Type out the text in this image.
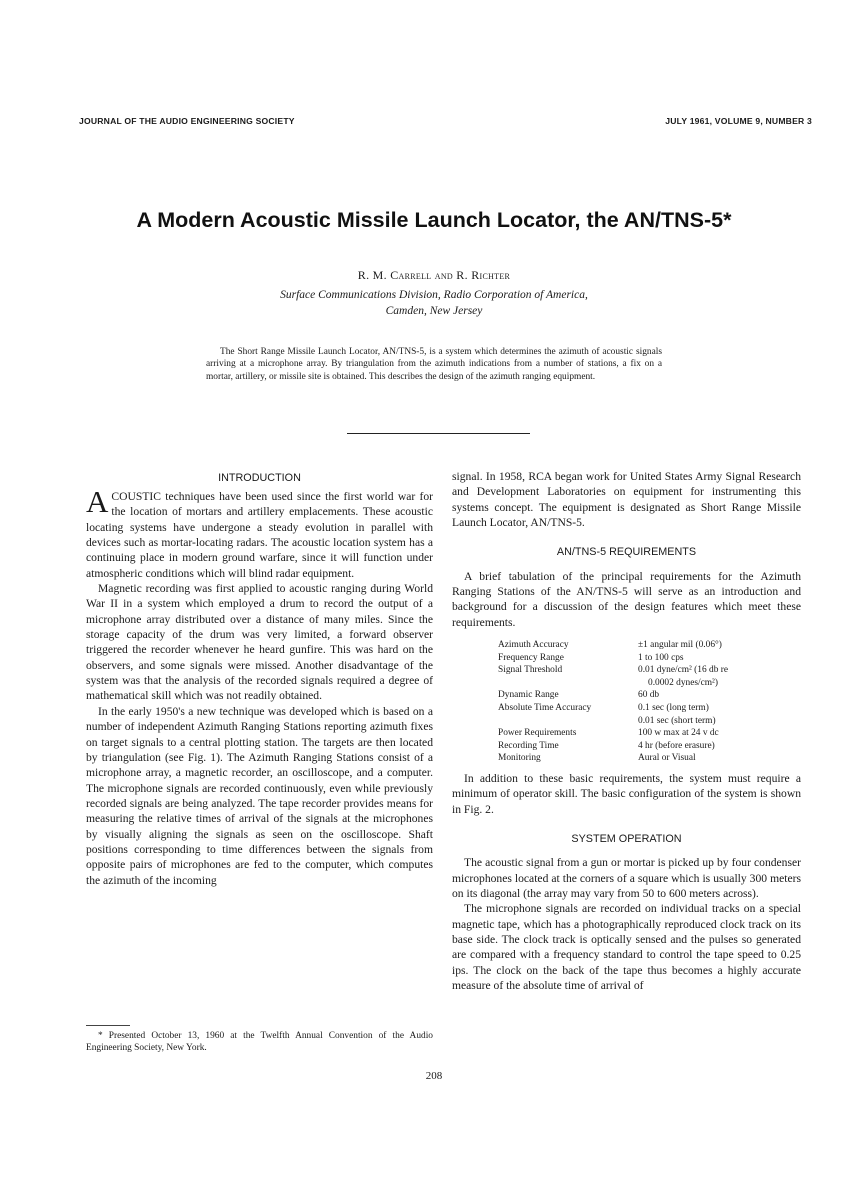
JOURNAL OF THE AUDIO ENGINEERING SOCIETY	JULY 1961, VOLUME 9, NUMBER 3
A Modern Acoustic Missile Launch Locator, the AN/TNS-5*
R. M. Carrell and R. Richter
Surface Communications Division, Radio Corporation of America,
Camden, New Jersey
The Short Range Missile Launch Locator, AN/TNS-5, is a system which determines the azimuth of acoustic signals arriving at a microphone array. By triangulation from the azimuth indications from a number of stations, a fix on a mortar, artillery, or missile site is obtained. This describes the design of the azimuth ranging equipment.
INTRODUCTION

ACOUSTIC techniques have been used since the first world war for the location of mortars and artillery emplacements. These acoustic locating systems have undergone a steady evolution in parallel with devices such as mortar-locating radars. The acoustic location system has a continuing place in modern ground warfare, since it will function under atmospheric conditions which will blind radar equipment.

Magnetic recording was first applied to acoustic ranging during World War II in a system which employed a drum to record the output of a microphone array distributed over a distance of many miles. Since the storage capacity of the drum was very limited, a forward observer triggered the recorder whenever he heard gunfire. This was hard on the observers, and some signals were missed. Another disadvantage of the system was that the analysis of the recorded signals required a degree of mathematical skill which was not readily obtained.

In the early 1950's a new technique was developed which is based on a number of independent Azimuth Ranging Stations reporting azimuth fixes on target signals to a central plotting station. The targets are then located by triangulation (see Fig. 1). The Azimuth Ranging Stations consist of a microphone array, a magnetic recorder, an oscilloscope, and a computer. The microphone signals are recorded continuously, even while previously recorded signals are being analyzed. The tape recorder provides means for measuring the relative times of arrival of the signals at the microphones by visually aligning the signals as seen on the oscilloscope. Shaft positions corresponding to time differences between the signals from opposite pairs of microphones are fed to the computer, which computes the azimuth of the incoming

signal. In 1958, RCA began work for United States Army Signal Research and Development Laboratories on equipment for instrumenting this systems concept. The equipment is designated as Short Range Missile Launch Locator, AN/TNS-5.

AN/TNS-5 REQUIREMENTS

A brief tabulation of the principal requirements for the Azimuth Ranging Stations of the AN/TNS-5 will serve as an introduction and background for a discussion of the design features which meet these requirements.

Azimuth Accuracy	±1 angular mil (0.06°)
Frequency Range	1 to 100 cps
Signal Threshold	0.01 dyne/cm² (16 db re
0.0002 dynes/cm²)

Dynamic Range	60 db
Absolute Time Accuracy	0.1 sec (long term)
0.01 sec (short term)

Power Requirements	100 w max at 24 v dc
Recording Time	4 hr (before erasure)
Monitoring	Aural or Visual

In addition to these basic requirements, the system must require a minimum of operator skill. The basic configuration of the system is shown in Fig. 2.

SYSTEM OPERATION

The acoustic signal from a gun or mortar is picked up by four condenser microphones located at the corners of a square which is usually 300 meters on its diagonal (the array may vary from 50 to 600 meters across).

The microphone signals are recorded on individual tracks on a special magnetic tape, which has a photographically reproduced clock track on its base side. The clock track is optically sensed and the pulses so generated are compared with a frequency standard to control the tape speed to 0.25 ips. The clock on the back of the tape thus becomes a highly accurate measure of the absolute time of arrival of

* Presented October 13, 1960 at the Twelfth Annual Convention of the Audio Engineering Society, New York.
208
